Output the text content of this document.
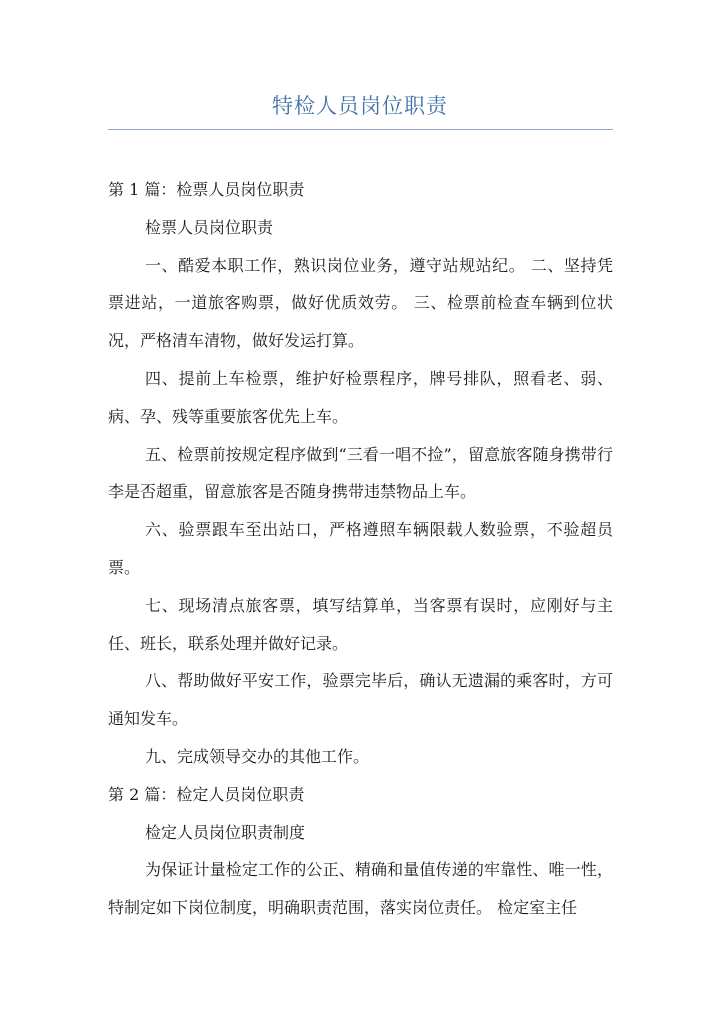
特检人员岗位职责

第 1 篇：检票人员岗位职责

检票人员岗位职责

一、酷爱本职工作，熟识岗位业务，遵守站规站纪。 二、坚持凭票进站，一道旅客购票，做好优质效劳。 三、检票前检查车辆到位状况，严格清车清物，做好发运打算。

四、提前上车检票，维护好检票程序，牌号排队，照看老、弱、病、孕、残等重要旅客优先上车。

五、检票前按规定程序做到“三看一唱不捡”，留意旅客随身携带行李是否超重，留意旅客是否随身携带违禁物品上车。

六、验票跟车至出站口，严格遵照车辆限载人数验票，不验超员票。

七、现场清点旅客票，填写结算单，当客票有误时，应刚好与主任、班长，联系处理并做好记录。

八、帮助做好平安工作，验票完毕后，确认无遗漏的乘客时，方可通知发车。

九、完成领导交办的其他工作。

第 2 篇：检定人员岗位职责

检定人员岗位职责制度

为保证计量检定工作的公正、精确和量值传递的牢靠性、唯一性，特制定如下岗位制度，明确职责范围，落实岗位责任。 检定室主任
